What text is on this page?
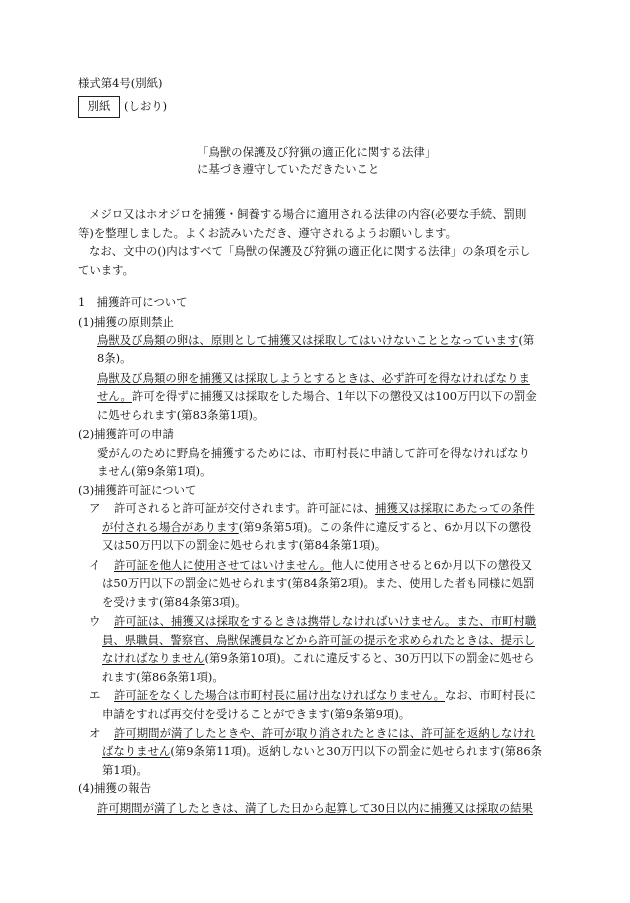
様式第4号(別紙)
別紙 (しおり)
「鳥獣の保護及び狩猟の適正化に関する法律」
に基づき遵守していただきたいこと
メジロ又はホオジロを捕獲・飼養する場合に適用される法律の内容(必要な手続、罰則
等)を整理しました。よくお読みいただき、遵守されるようお願いします。
なお、文中の()内はすべて「鳥獣の保護及び狩猟の適正化に関する法律」の条項を示し
ています。
1　捕獲許可について
(1)捕獲の原則禁止
鳥獣及び鳥類の卵は、原則として捕獲又は採取してはいけないこととなっています(第
8条)。
鳥獣及び鳥類の卵を捕獲又は採取しようとするときは、必ず許可を得なければなりま
せん。許可を得ずに捕獲又は採取をした場合、1年以下の懲役又は100万円以下の罰金
に処せられます(第83条第1項)。
(2)捕獲許可の申請
愛がんのために野鳥を捕獲するためには、市町村長に申請して許可を得なければなり
ません(第9条第1項)。
(3)捕獲許可証について
ア 許可されると許可証が交付されます。許可証には、捕獲又は採取にあたっての条件
が付される場合があります(第9条第5項)。この条件に違反すると、6か月以下の懲役
又は50万円以下の罰金に処せられます(第84条第1項)。
イ 許可証を他人に使用させてはいけません。他人に使用させると6か月以下の懲役又
は50万円以下の罰金に処せられます(第84条第2項)。また、使用した者も同様に処罰
を受けます(第84条第3項)。
ウ 許可証は、捕獲又は採取をするときは携帯しなければいけません。また、市町村職
員、県職員、警察官、鳥獣保護員などから許可証の提示を求められたときは、提示し
なければなりません(第9条第10項)。これに違反すると、30万円以下の罰金に処せら
れます(第86条第1項)。
エ 許可証をなくした場合は市町村長に届け出なければなりません。なお、市町村長に
申請をすれば再交付を受けることができます(第9条第9項)。
オ 許可期間が満了したときや、許可が取り消されたときには、許可証を返納しなけれ
ばなりません(第9条第11項)。返納しないと30万円以下の罰金に処せられます(第86条
第1項)。
(4)捕獲の報告
許可期間が満了したときは、満了した日から起算して30日以内に捕獲又は採取の結果
